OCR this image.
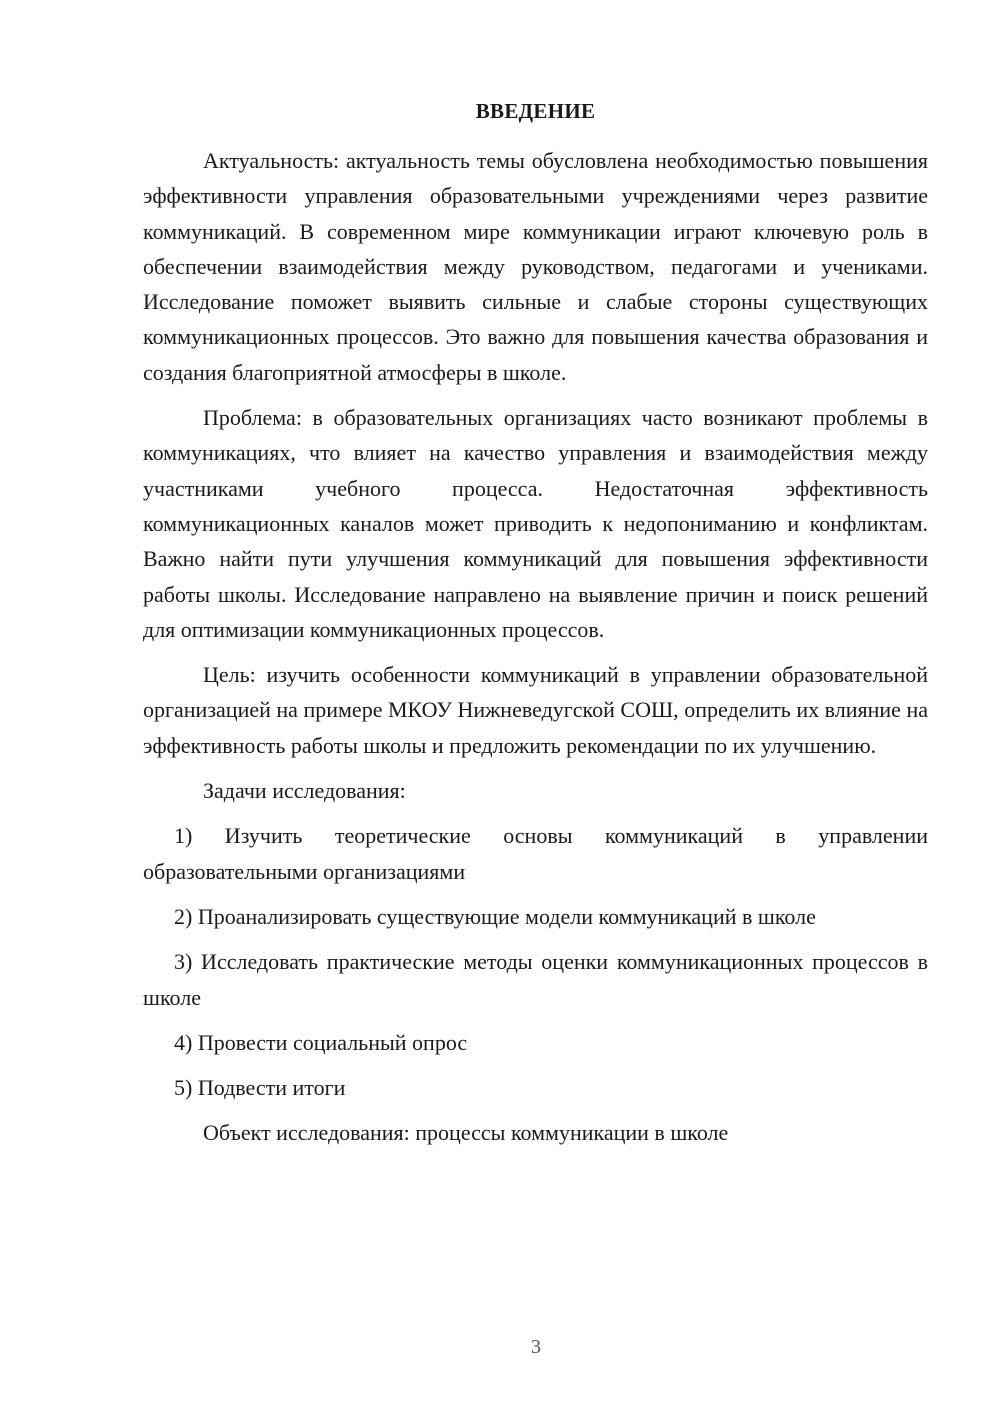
ВВЕДЕНИЕ

Актуальность: актуальность темы обусловлена необходимостью повышения эффективности управления образовательными учреждениями через развитие коммуникаций. В современном мире коммуникации играют ключевую роль в обеспечении взаимодействия между руководством, педагогами и учениками. Исследование поможет выявить сильные и слабые стороны существующих коммуникационных процессов. Это важно для повышения качества образования и создания благоприятной атмосферы в школе.

Проблема: в образовательных организациях часто возникают проблемы в коммуникациях, что влияет на качество управления и взаимодействия между участниками учебного процесса. Недостаточная эффективность коммуникационных каналов может приводить к недопониманию и конфликтам. Важно найти пути улучшения коммуникаций для повышения эффективности работы школы. Исследование направлено на выявление причин и поиск решений для оптимизации коммуникационных процессов.

Цель: изучить особенности коммуникаций в управлении образовательной организацией на примере МКОУ Нижневедугской СОШ, определить их влияние на эффективность работы школы и предложить рекомендации по их улучшению.

Задачи исследования:

1) Изучить теоретические основы коммуникаций в управлении образовательными организациями

2) Проанализировать существующие модели коммуникаций в школе

3) Исследовать практические методы оценки коммуникационных процессов в школе

4) Провести социальный опрос

5) Подвести итоги

Объект исследования: процессы коммуникации в школе

3
